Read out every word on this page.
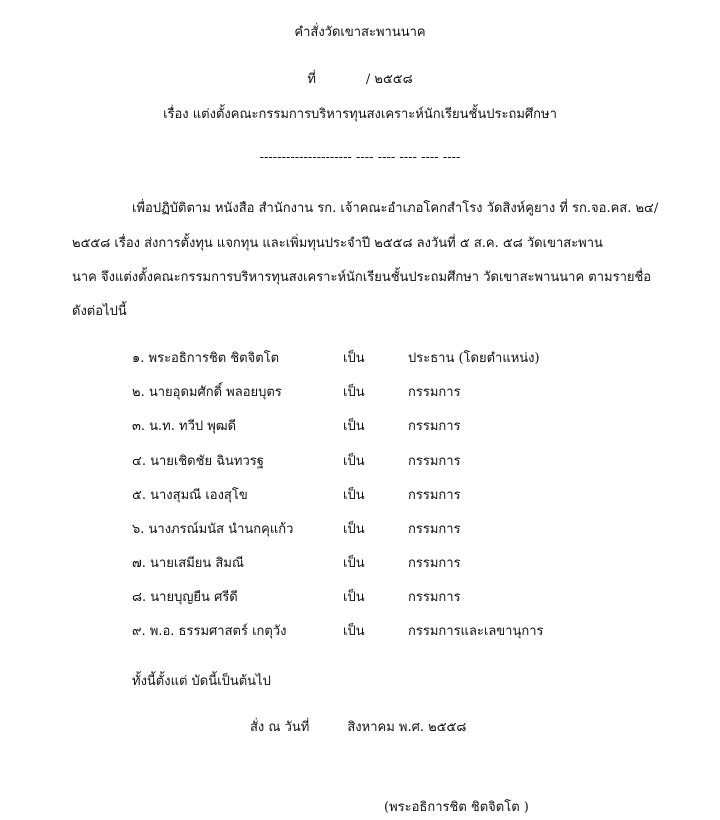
คำสั่งวัดเขาสะพานนาค
ที่	/ ๒๕๕๘
เรื่อง แต่งตั้งคณะกรรมการบริหารทุนสงเคราะห์นักเรียนชั้นประถมศึกษา
--------------------- ---- ---- ---- ---- ----
เพื่อปฏิบัติตาม หนังสือ สำนักงาน รก. เจ้าคณะอำเภอโคกสำโรง วัดสิงห์คูยาง ที่ รก.จอ.คส. ๒๔/
๒๕๕๘ เรื่อง ส่งการตั้งทุน แจกทุน และเพิ่มทุนประจำปี ๒๕๕๘ ลงวันที่ ๕ ส.ค. ๕๘ วัดเขาสะพาน
นาค จึงแต่งตั้งคณะกรรมการบริหารทุนสงเคราะห์นักเรียนชั้นประถมศึกษา วัดเขาสะพานนาค ตามรายชื่อ
ดังต่อไปนี้
๑. พระอธิการชิต ชิตจิตโต	เป็น	ประธาน (โดยตำแหน่ง)
๒. นายอุดมศักดิ์ พลอยบุตร	เป็น	กรรมการ
๓. น.ท. ทวีป พุฒดี	เป็น	กรรมการ
๔. นายเชิดชัย ฉินทวรฐ	เป็น	กรรมการ
๕. นางสุมณี เองสุโข	เป็น	กรรมการ
๖. นางภรณ์มนัส นำนกคุแก้ว	เป็น	กรรมการ
๗. นายเสมียน สิมณี	เป็น	กรรมการ
๘. นายบุญยืน ศรีดี	เป็น	กรรมการ
๙. พ.อ. ธรรมศาสตร์ เกตุวัง	เป็น	กรรมการและเลขานุการ
ทั้งนี้ตั้งแต่ บัดนี้เป็นต้นไป
สั่ง ณ วันที่	สิงหาคม พ.ศ. ๒๕๕๘
(พระอธิการชิต ชิตจิตโต )
